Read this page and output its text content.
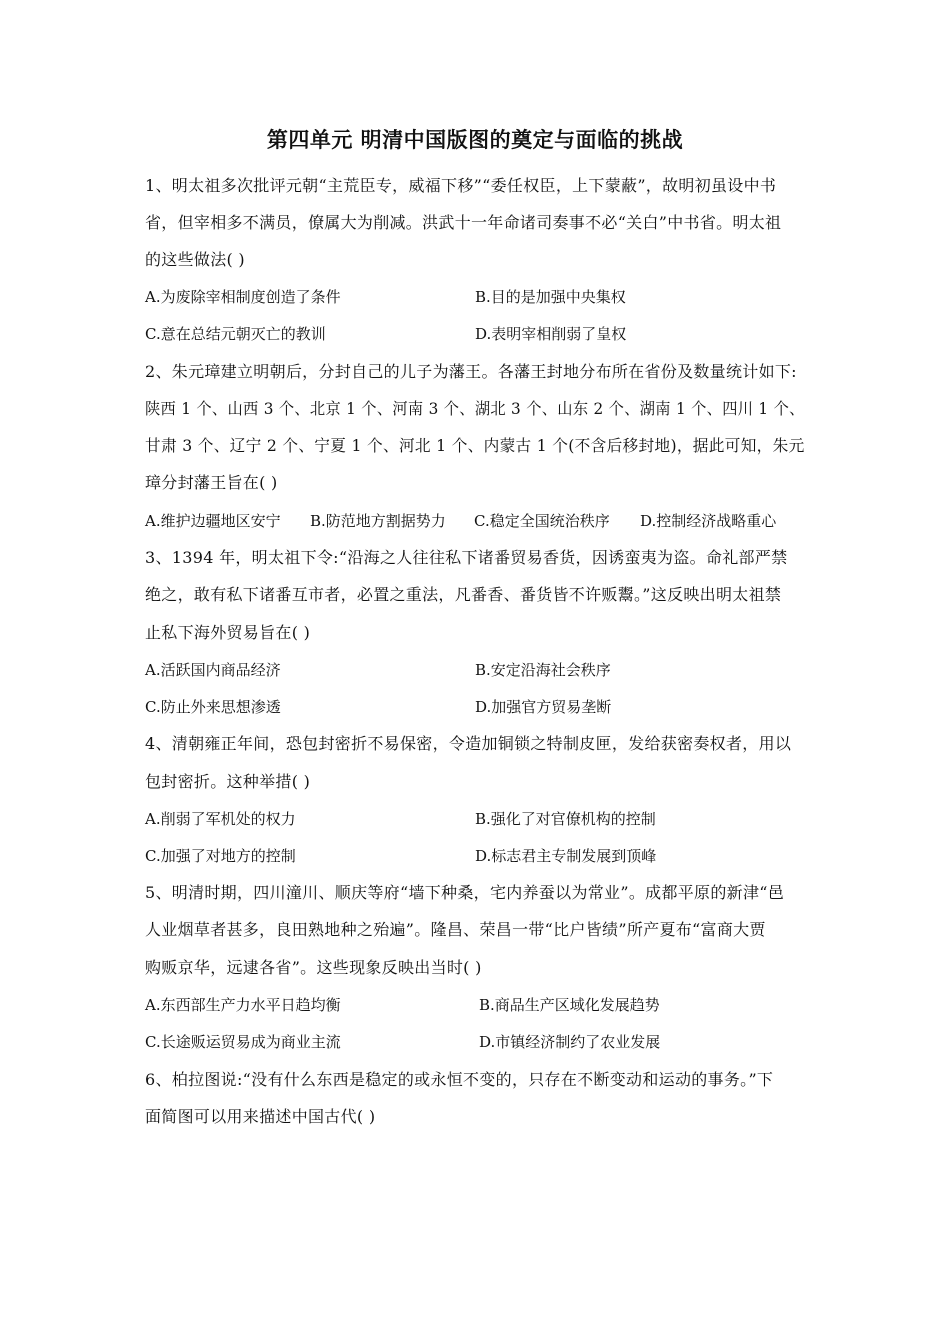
第四单元 明清中国版图的奠定与面临的挑战
1、明太祖多次批评元朝“主荒臣专，威福下移”“委任权臣，上下蒙蔽”，故明初虽设中书
省，但宰相多不满员，僚属大为削减。洪武十一年命诸司奏事不必“关白”中书省。明太祖
的这些做法( )
A.为废除宰相制度创造了条件	B.目的是加强中央集权
C.意在总结元朝灭亡的教训	D.表明宰相削弱了皇权
2、朱元璋建立明朝后，分封自己的儿子为藩王。各藩王封地分布所在省份及数量统计如下:
陕西 1 个、山西 3 个、北京 1 个、河南 3 个、湖北 3 个、山东 2 个、湖南 1 个、四川 1 个、
甘肃 3 个、辽宁 2 个、宁夏 1 个、河北 1 个、内蒙古 1 个(不含后移封地)，据此可知，朱元
璋分封藩王旨在( )
A.维护边疆地区安宁 B.防范地方割据势力 C.稳定全国统治秩序 D.控制经济战略重心
3、1394 年，明太祖下令:“沿海之人往往私下诸番贸易香货，因诱蛮夷为盗。命礼部严禁
绝之，敢有私下诸番互市者，必置之重法，凡番香、番货皆不许贩鬻。”这反映出明太祖禁
止私下海外贸易旨在( )
A.活跃国内商品经济	B.安定沿海社会秩序
C.防止外来思想渗透	D.加强官方贸易垄断
4、清朝雍正年间，恐包封密折不易保密，令造加铜锁之特制皮匣，发给获密奏权者，用以
包封密折。这种举措( )
A.削弱了军机处的权力	B.强化了对官僚机构的控制
C.加强了对地方的控制	D.标志君主专制发展到顶峰
5、明清时期，四川潼川、顺庆等府“墙下种桑，宅内养蚕以为常业”。成都平原的新津“邑
人业烟草者甚多，良田熟地种之殆遍”。隆昌、荣昌一带“比户皆绩”所产夏布“富商大贾
购贩京华，远逮各省”。这些现象反映出当时( )
A.东西部生产力水平日趋均衡	B.商品生产区域化发展趋势
C.长途贩运贸易成为商业主流	D.市镇经济制约了农业发展
6、柏拉图说:“没有什么东西是稳定的或永恒不变的，只存在不断变动和运动的事务。”下
面简图可以用来描述中国古代( )
